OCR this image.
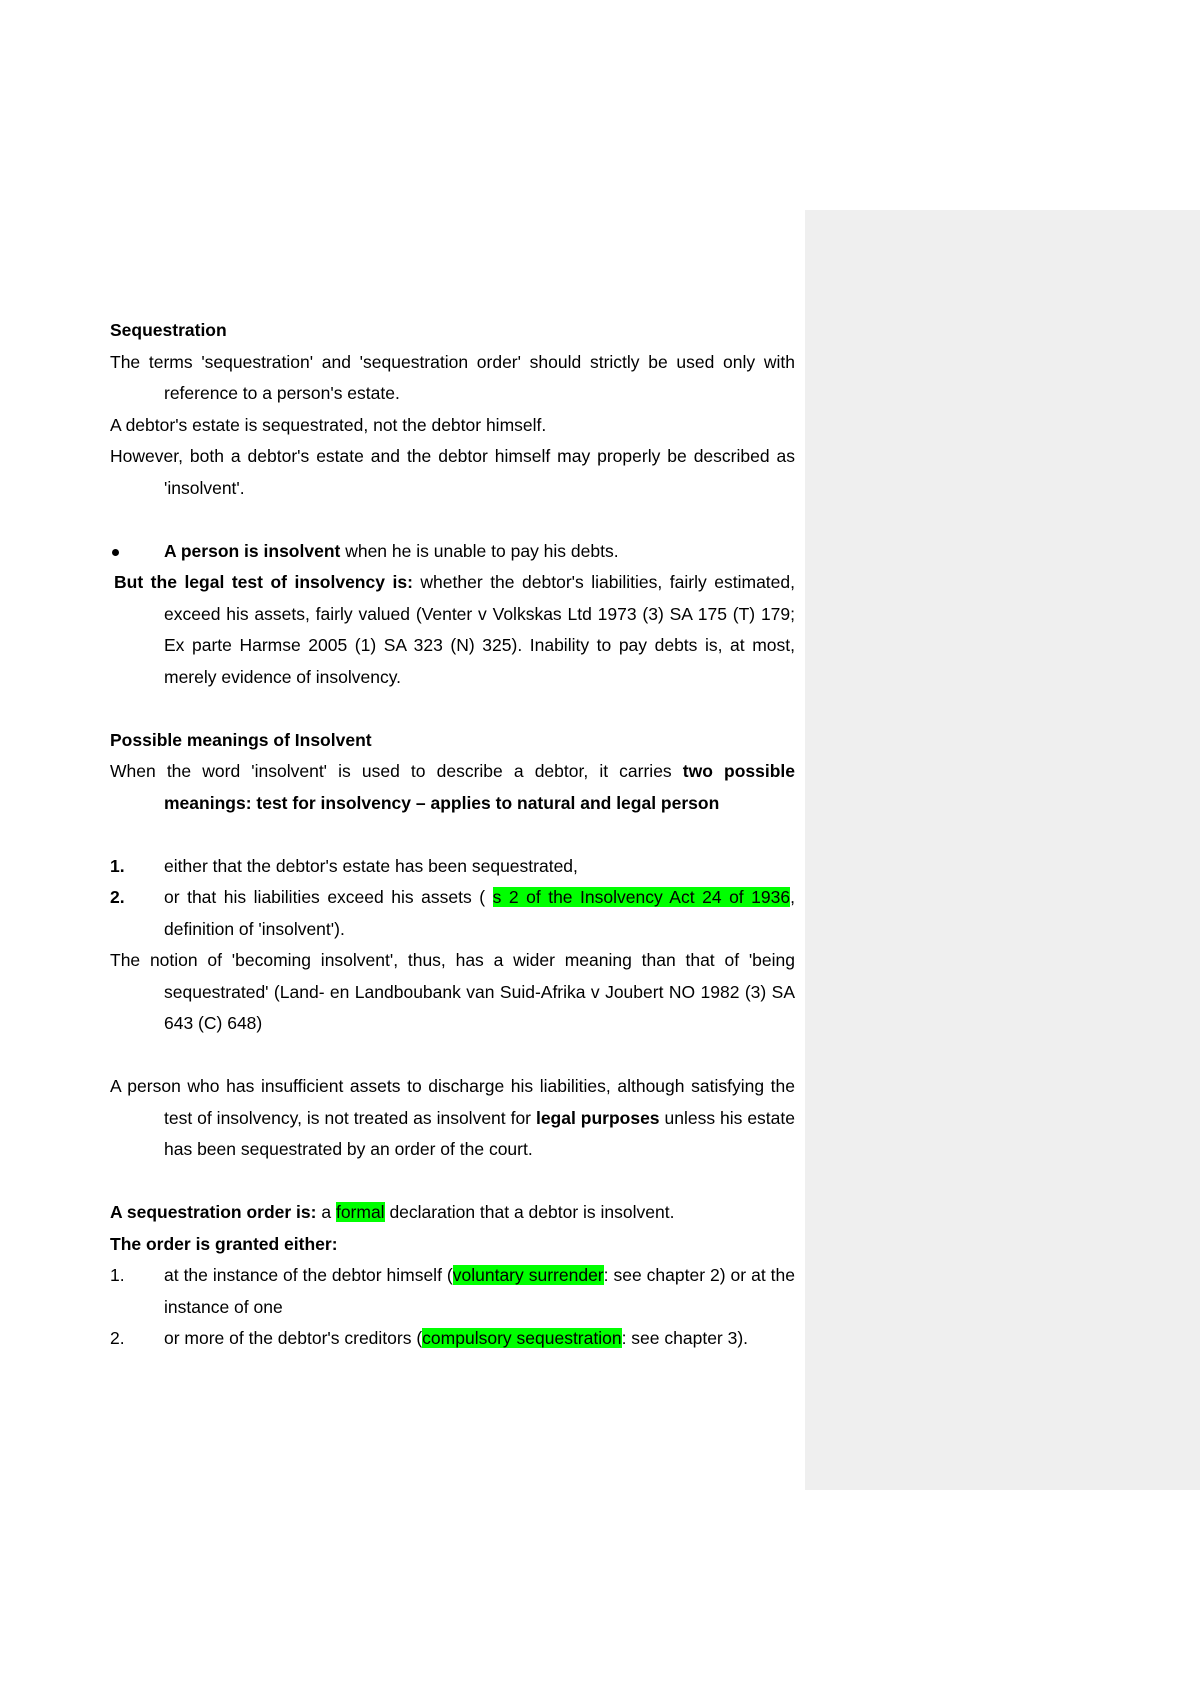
Sequestration

The terms 'sequestration' and 'sequestration order' should strictly be used only with reference to a person's estate.

A debtor's estate is sequestrated, not the debtor himself.

However, both a debtor's estate and the debtor himself may properly be described as 'insolvent'.

A person is insolvent when he is unable to pay his debts.

But the legal test of insolvency is: whether the debtor's liabilities, fairly estimated, exceed his assets, fairly valued (Venter v Volkskas Ltd 1973 (3) SA 175 (T) 179; Ex parte Harmse 2005 (1) SA 323 (N) 325). Inability to pay debts is, at most, merely evidence of insolvency.

Possible meanings of Insolvent

When the word 'insolvent' is used to describe a debtor, it carries two possible meanings: test for insolvency – applies to natural and legal person

1. either that the debtor's estate has been sequestrated,

2. or that his liabilities exceed his assets ( s 2 of the Insolvency Act 24 of 1936, definition of 'insolvent').

The notion of 'becoming insolvent', thus, has a wider meaning than that of 'being sequestrated' (Land- en Landboubank van Suid-Afrika v Joubert NO 1982 (3) SA 643 (C) 648)

A person who has insufficient assets to discharge his liabilities, although satisfying the test of insolvency, is not treated as insolvent for legal purposes unless his estate has been sequestrated by an order of the court.

A sequestration order is: a formal declaration that a debtor is insolvent.

The order is granted either:

1. at the instance of the debtor himself (voluntary surrender: see chapter 2) or at the instance of one

2. or more of the debtor's creditors (compulsory sequestration: see chapter 3).
